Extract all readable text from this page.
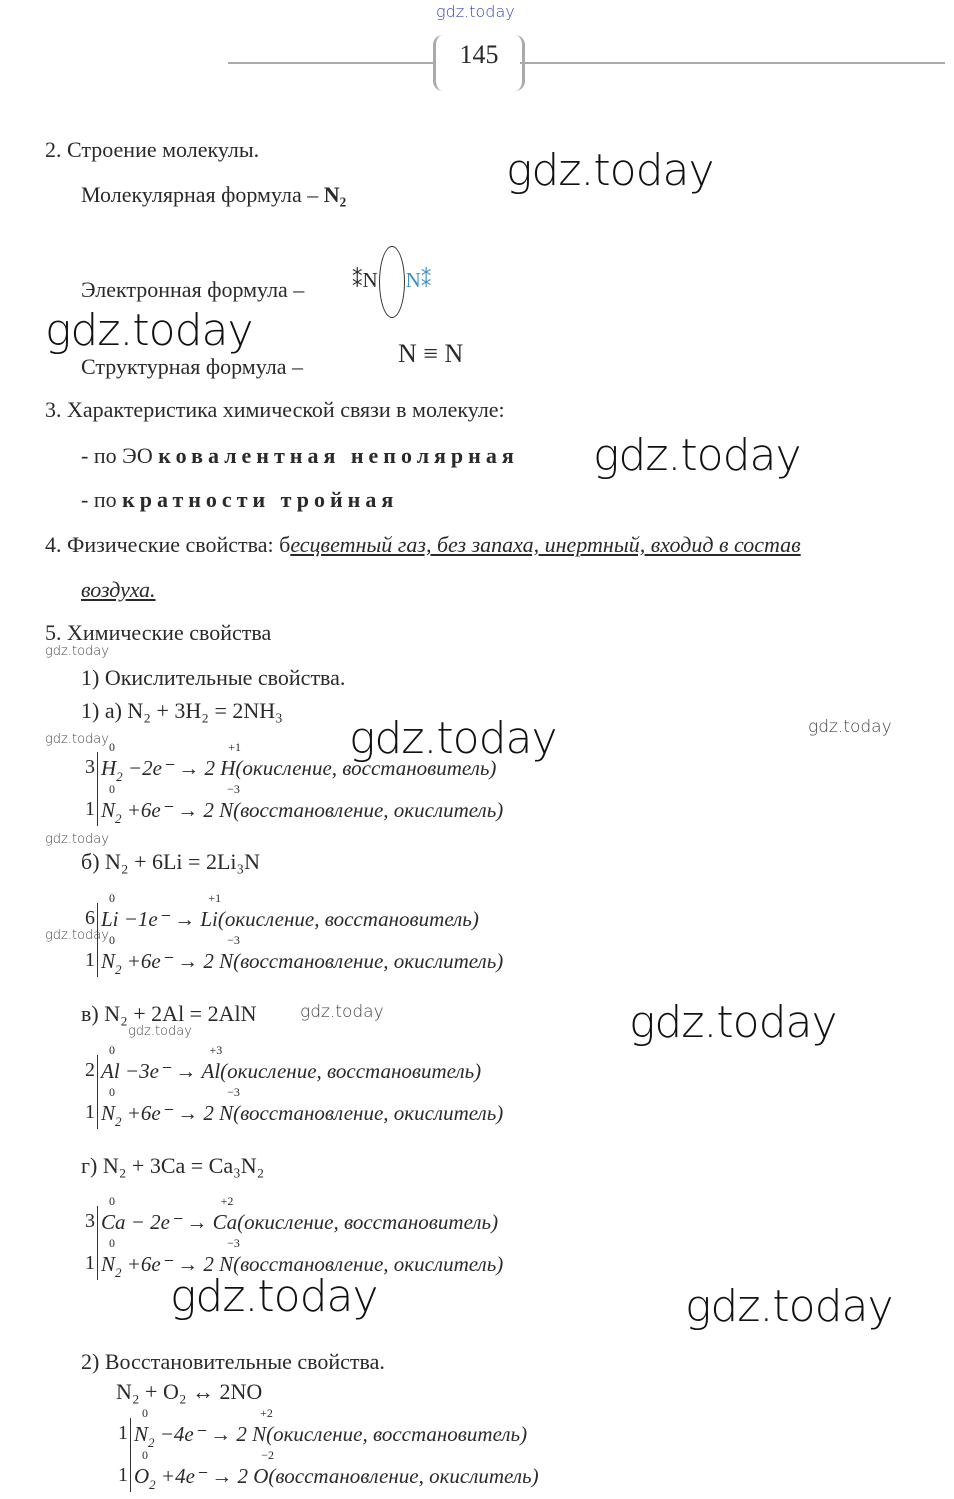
gdz.today
145
2. Строение молекулы.
Молекулярная формула – N₂
⁑N N⁑
Электронная формула –
Структурная формула –	N ≡ N
3. Характеристика химической связи в молекуле:
- по ЭО ковалентная неполярная
- по кратности тройная
4. Физические свойства: бесцветный газ, без запаха, инертный, входид в состав
воздуха.
5. Химические свойства
1) Окислительные свойства.
1) а) N₂ + 3H₂ = 2NH₃
3
0
$H_2 -2e^- \to 2$
+1
H(окисление, восстановитель)
1
0
$N_2 +6e^- \to 2$
−3
N(восстановление, окислитель)
б) N₂ + 6Li = 2Li₃N
6
0
Li −1e⁻ →
+1
Li(окисление, восстановитель)
1
0
$N_2 +6e^- \to 2$
−3
N(восстановление, окислитель)
в) N₂ + 2Al = 2AlN
2
0
Al −3e⁻ →
+3
Al(окисление, восстановитель)
1
0
$N_2 +6e^- \to 2$
−3
N(восстановление, окислитель)
г) N₂ + 3Ca = Ca₃N₂
3
0
Ca − 2e⁻ →
+2
Ca(окисление, восстановитель)
1
0
$N_2 +6e^- \to 2$
−3
N(восстановление, окислитель)
2) Восстановительные свойства.
N₂ + O₂ ↔ 2NO
1
0
$N_2 -4e^- \to 2$
+2
N(окисление, восстановитель)
1
0
$O_2 +4e^- \to 2$
−2
O(восстановление, окислитель)
gdz.today
gdz.today
gdz.today
gdz.today
gdz.today
gdz.today	gdz.today
gdz.today
gdz.today
gdz.today
gdz.today
gdz.today
gdz.today
gdz.today
